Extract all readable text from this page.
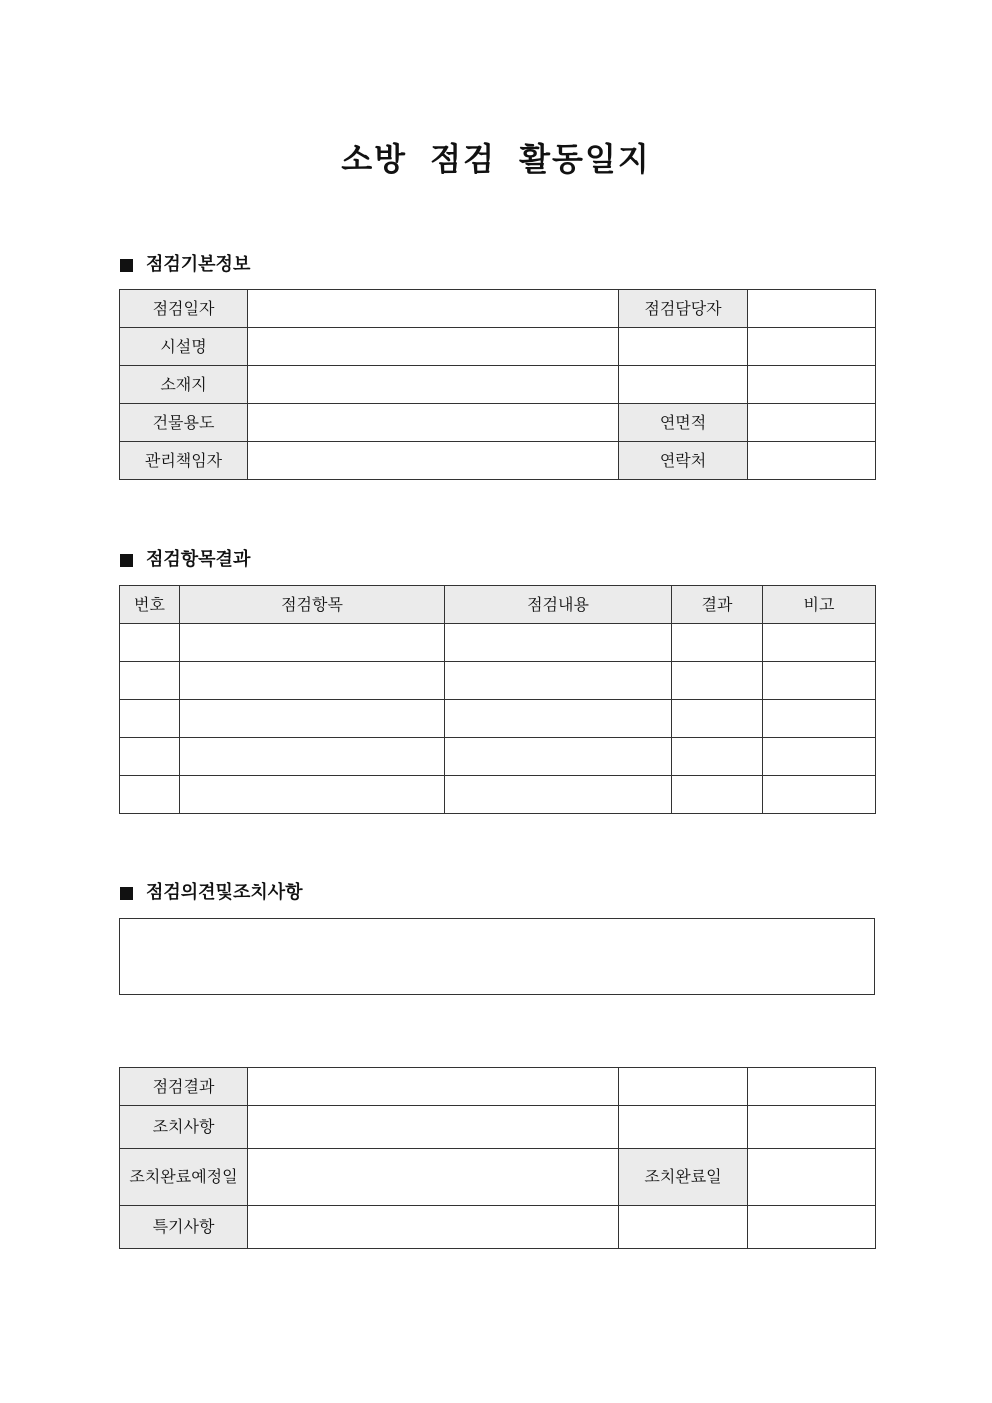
소방 점검 활동일지
점검기본정보
점검일자		점검담당자	
시설명			
소재지			
건물용도		연면적	
관리책임자		연락처	
점검항목결과
번호	점검항목	점검내용	결과	비고

점검의견및조치사항
점검결과			
조치사항			
조치완료예정일		조치완료일	
특기사항			
